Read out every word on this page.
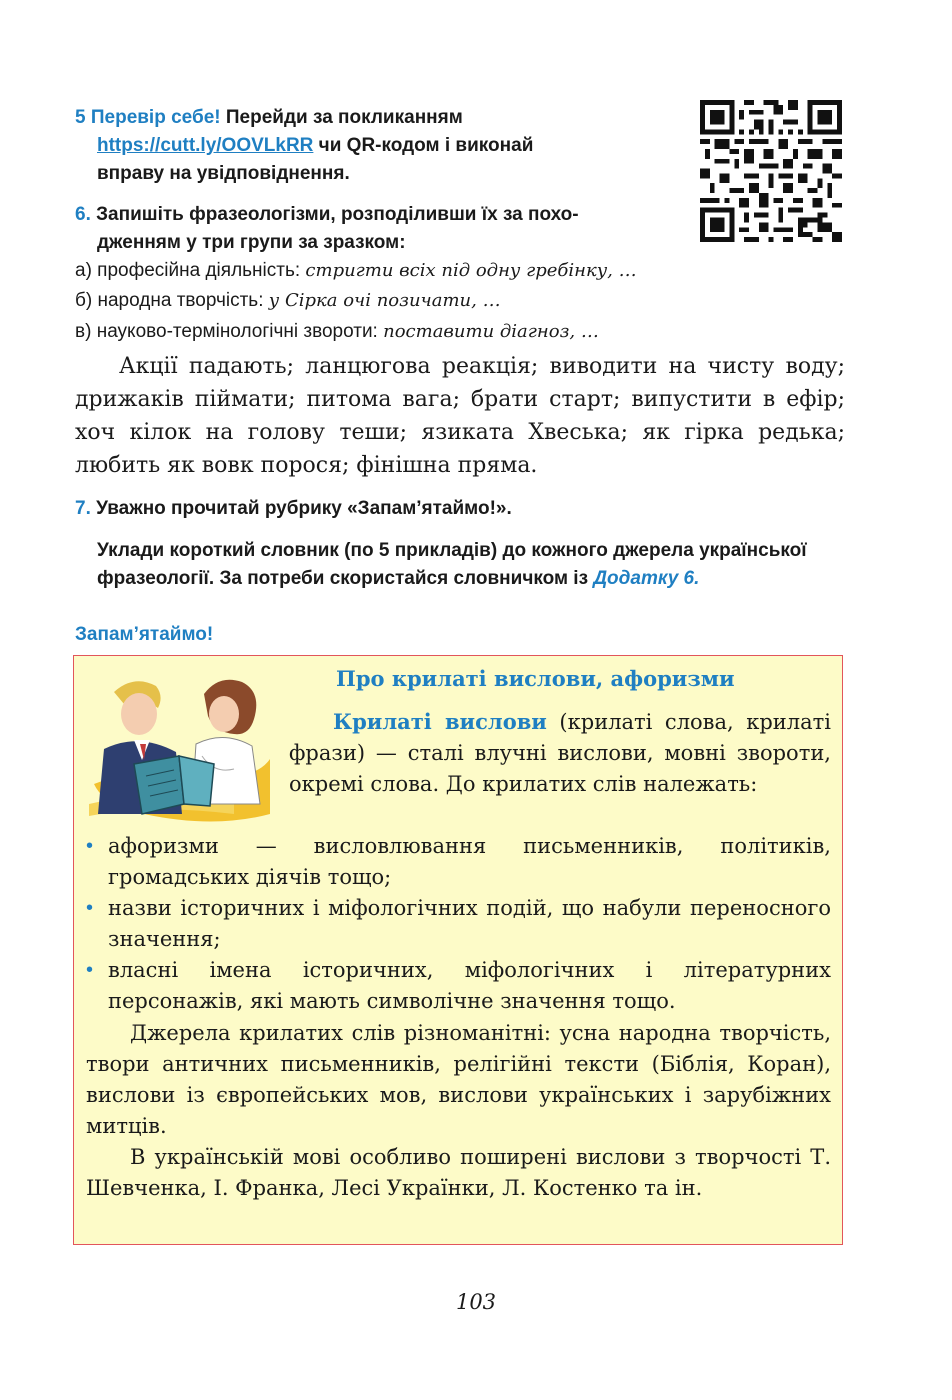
5 Перевір себе! Перейди за покликанням
https://cutt.ly/OOVLkRR чи QR-кодом і виконай
вправу на увідповіднення.
6. Запишіть фразеологізми, розподіливши їх за похо-
дженням у три групи за зразком:
а) професійна діяльність: стригти всіх під одну гребінку, …
б) народна творчість: у Сірка очі позичати, …
в) науково-термінологічні звороти: поставити діагноз, …

Акції падають; ланцюгова реакція; виводити на чисту воду; дрижаків піймати; питома вага; брати старт; випустити в ефір; хоч кілок на голову теши; язиката Хвеська; як гірка редька; любить як вовк порося; фінішна пряма.

7. Уважно прочитай рубрику «Запам’ятаймо!».
Уклади короткий словник (по 5 прикладів) до кожного джерела української фразеології. За потреби скористайся словничком із Додатку 6.
Запам’ятаймо!
Про крилаті вислови, афоризми

Крилаті вислови (крилаті слова, крилаті фрази) — сталі влучні вислови, мовні звороти, окремі слова. До крилатих слів належать:

• афоризми — висловлювання письменників, політиків, громадських діячів тощо;
• назви історичних і міфологічних подій, що набули переносного значення;
• власні імена історичних, міфологічних і літературних персонажів, які мають символічне значення тощо.

Джерела крилатих слів різноманітні: усна народна творчість, твори античних письменників, релігійні тексти (Біблія, Коран), вислови із європейських мов, вислови українських і зарубіжних митців.

В українській мові особливо поширені вислови з творчості Т. Шевченка, І. Франка, Лесі Українки, Л. Костенко та ін.

103
